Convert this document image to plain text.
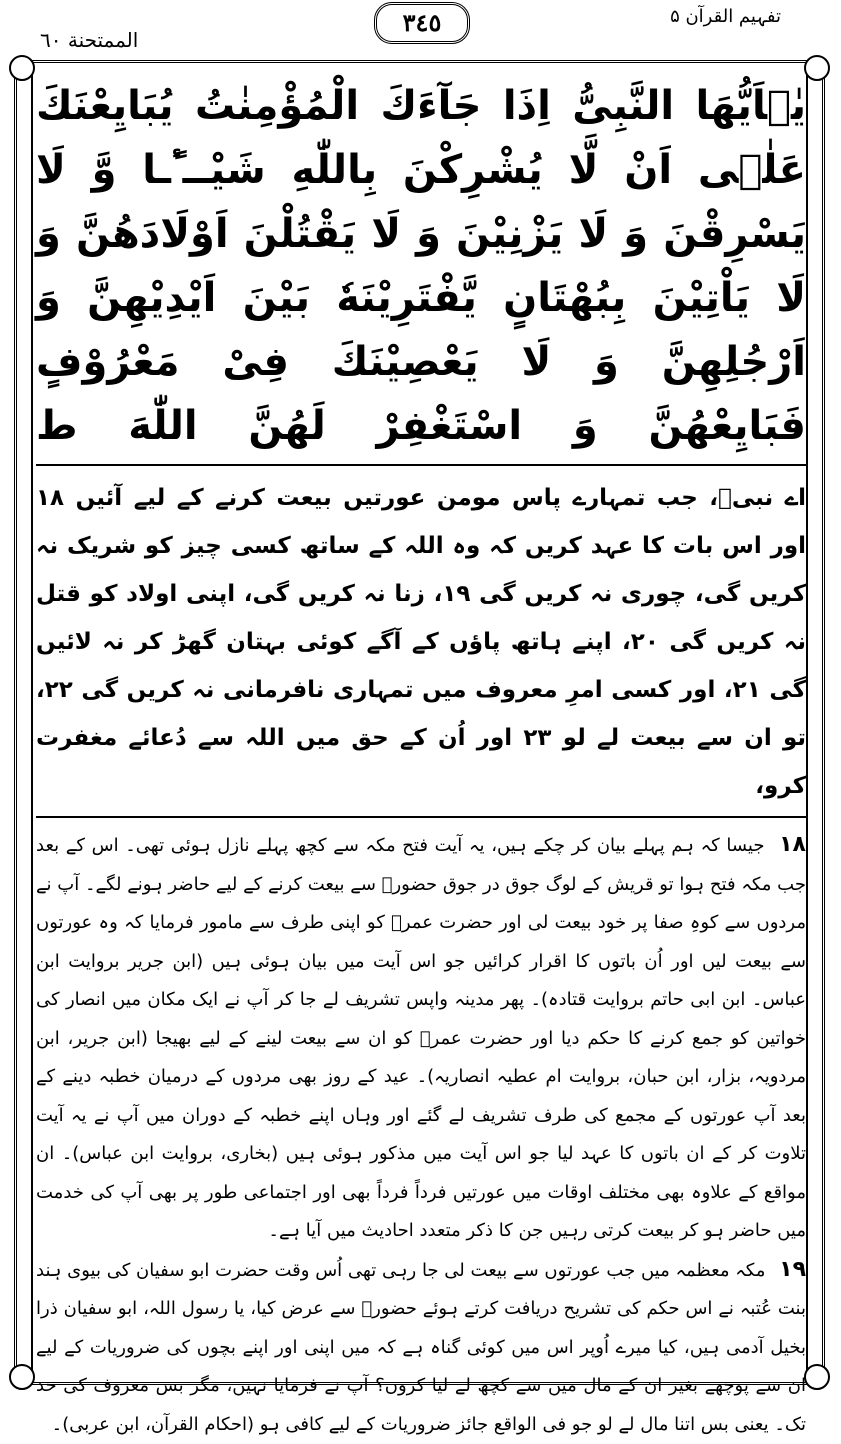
الممتحنة ٦٠
٣٤٥	تفہیم القرآن ۵

یٰۤاَیُّهَا النَّبِیُّ اِذَا جَآءَكَ الْمُؤْمِنٰتُ یُبَایِعْنَكَ عَلٰۤى اَنْ لَّا یُشْرِكْنَ بِاللّٰهِ شَیْــٴًـا وَّ لَا یَسْرِقْنَ وَ لَا یَزْنِیْنَ وَ لَا یَقْتُلْنَ اَوْلَادَهُنَّ وَ لَا یَاْتِیْنَ بِبُهْتَانٍ یَّفْتَرِیْنَهٗ بَیْنَ اَیْدِیْهِنَّ وَ اَرْجُلِهِنَّ وَ لَا یَعْصِیْنَكَ فِیْ مَعْرُوْفٍ فَبَایِعْهُنَّ وَ اسْتَغْفِرْ لَهُنَّ اللّٰهَ ط

اے نبیؐ، جب تمہارے پاس مومن عورتیں بیعت کرنے کے لیے آئیں ۱۸ اور اس بات کا عہد کریں کہ وہ اللہ کے ساتھ کسی چیز کو شریک نہ کریں گی، چوری نہ کریں گی ۱۹، زنا نہ کریں گی، اپنی اولاد کو قتل نہ کریں گی ۲۰، اپنے ہاتھ پاؤں کے آگے کوئی بہتان گھڑ کر نہ لائیں گی ۲۱، اور کسی امرِ معروف میں تمہاری نافرمانی نہ کریں گی ۲۲، تو ان سے بیعت لے لو ۲۳ اور اُن کے حق میں اللہ سے دُعائے مغفرت کرو،

۱۸ جیسا کہ ہم پہلے بیان کر چکے ہیں، یہ آیت فتح مکہ سے کچھ پہلے نازل ہوئی تھی۔ اس کے بعد جب مکہ فتح ہوا تو قریش کے لوگ جوق در جوق حضورؐ سے بیعت کرنے کے لیے حاضر ہونے لگے۔ آپ نے مردوں سے کوہِ صفا پر خود بیعت لی اور حضرت عمرؓ کو اپنی طرف سے مامور فرمایا کہ وہ عورتوں سے بیعت لیں اور اُن باتوں کا اقرار کرائیں جو اس آیت میں بیان ہوئی ہیں (ابن جریر بروایت ابن عباس۔ ابن ابی حاتم بروایت قتادہ)۔ پھر مدینہ واپس تشریف لے جا کر آپ نے ایک مکان میں انصار کی خواتین کو جمع کرنے کا حکم دیا اور حضرت عمرؓ کو ان سے بیعت لینے کے لیے بھیجا (ابن جریر، ابن مردویہ، بزار، ابن حبان، بروایت ام عطیہ انصاریہ)۔ عید کے روز بھی مردوں کے درمیان خطبہ دینے کے بعد آپ عورتوں کے مجمع کی طرف تشریف لے گئے اور وہاں اپنے خطبہ کے دوران میں آپ نے یہ آیت تلاوت کر کے ان باتوں کا عہد لیا جو اس آیت میں مذکور ہوئی ہیں (بخاری، بروایت ابن عباس)۔ ان مواقع کے علاوہ بھی مختلف اوقات میں عورتیں فرداً فرداً بھی اور اجتماعی طور پر بھی آپ کی خدمت میں حاضر ہو کر بیعت کرتی رہیں جن کا ذکر متعدد احادیث میں آیا ہے۔

۱۹ مکہ معظمہ میں جب عورتوں سے بیعت لی جا رہی تھی اُس وقت حضرت ابو سفیان کی بیوی ہند بنت عُتبہ نے اس حکم کی تشریح دریافت کرتے ہوئے حضورؐ سے عرض کیا، یا رسول اللہ، ابو سفیان ذرا بخیل آدمی ہیں، کیا میرے اُوپر اس میں کوئی گناہ ہے کہ میں اپنی اور اپنے بچوں کی ضروریات کے لیے ان سے پوچھے بغیر ان کے مال میں سے کچھ لے لیا کروں؟ آپ نے فرمایا نہیں، مگر بس معروف کی حد تک۔ یعنی بس اتنا مال لے لو جو فی الواقع جائز ضروریات کے لیے کافی ہو (احکام القرآن، ابن عربی)۔
